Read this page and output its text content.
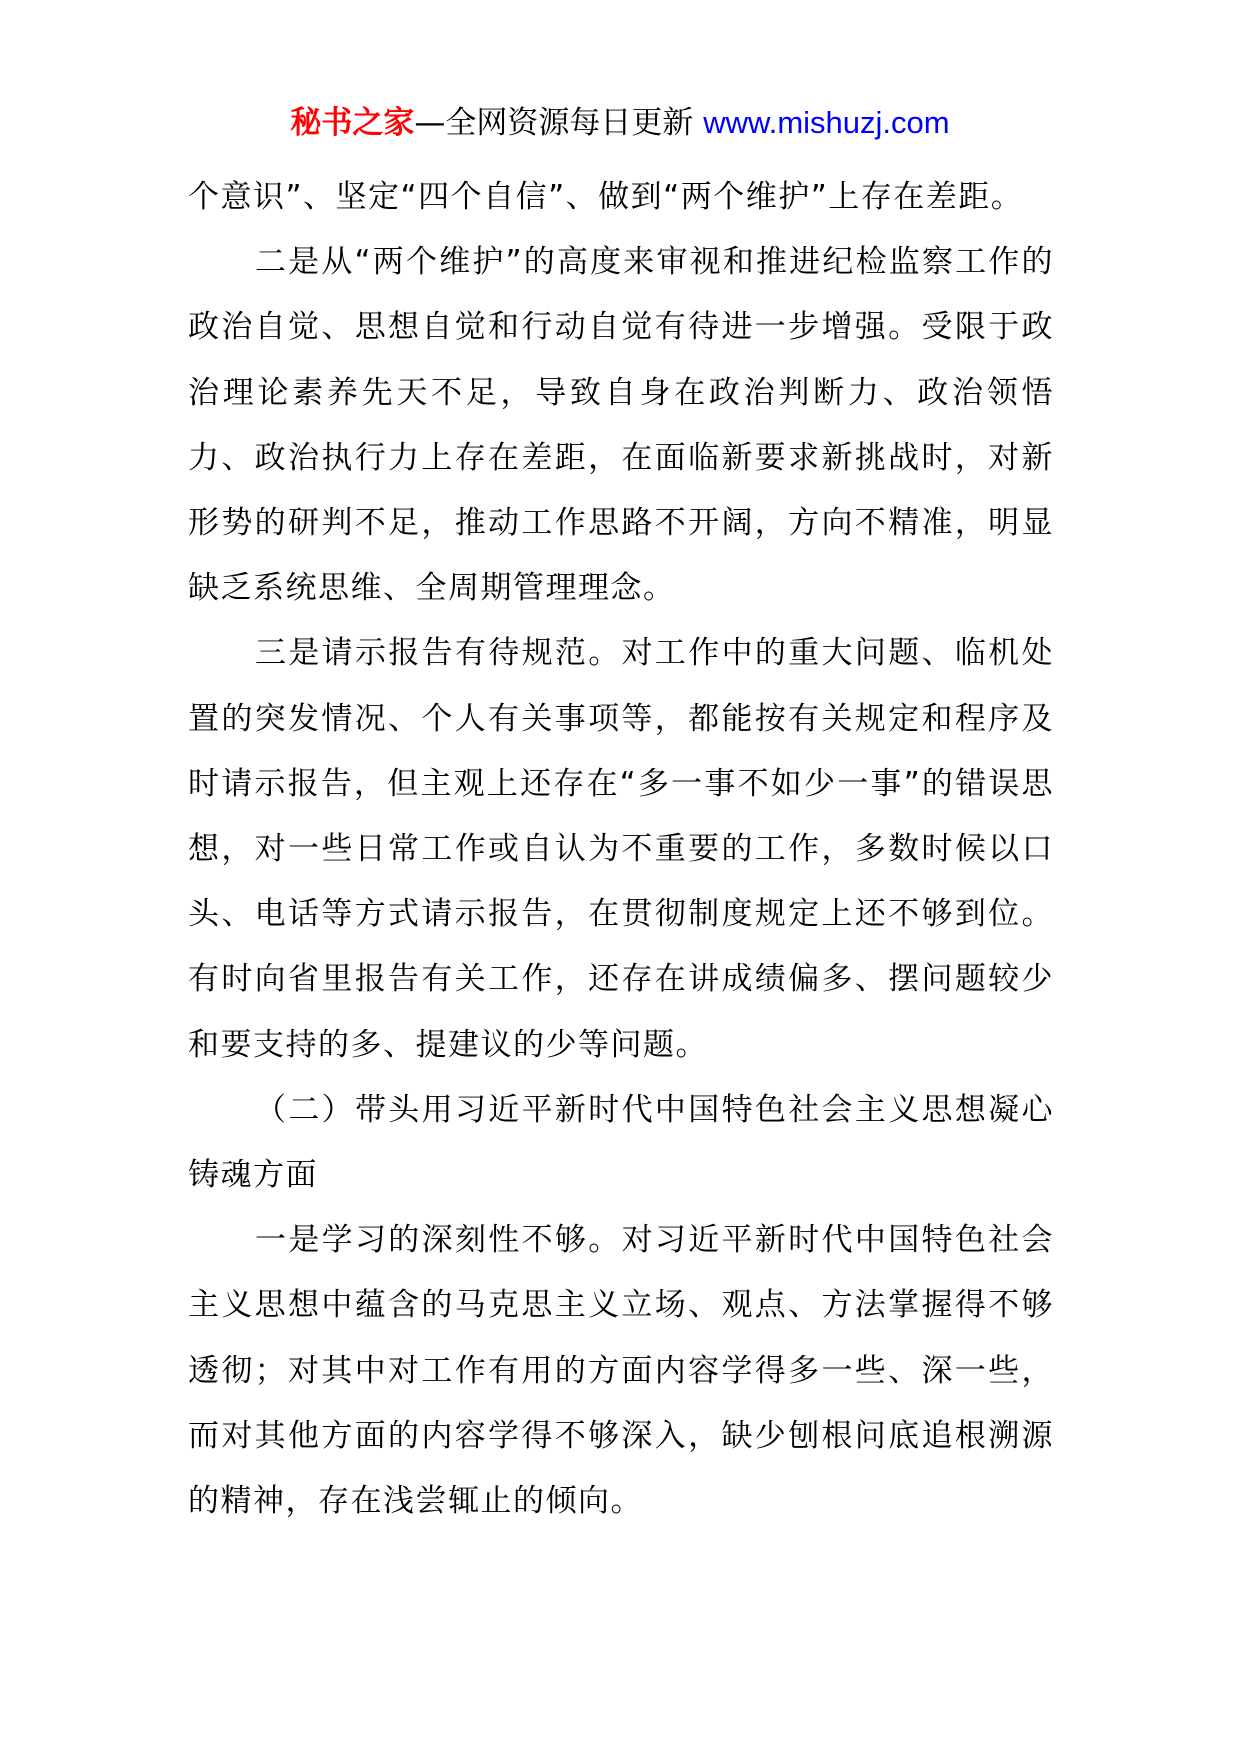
秘书之家—全网资源每日更新 www.mishuzj.com

个意识”、坚定“四个自信”、做到“两个维护”上存在差距。

二是从“两个维护”的高度来审视和推进纪检监察工作的政治自觉、思想自觉和行动自觉有待进一步增强。受限于政治理论素养先天不足，导致自身在政治判断力、政治领悟力、政治执行力上存在差距，在面临新要求新挑战时，对新形势的研判不足，推动工作思路不开阔，方向不精准，明显缺乏系统思维、全周期管理理念。

三是请示报告有待规范。对工作中的重大问题、临机处置的突发情况、个人有关事项等，都能按有关规定和程序及时请示报告，但主观上还存在“多一事不如少一事”的错误思想，对一些日常工作或自认为不重要的工作，多数时候以口头、电话等方式请示报告，在贯彻制度规定上还不够到位。有时向省里报告有关工作，还存在讲成绩偏多、摆问题较少和要支持的多、提建议的少等问题。

（二）带头用习近平新时代中国特色社会主义思想凝心铸魂方面

一是学习的深刻性不够。对习近平新时代中国特色社会主义思想中蕴含的马克思主义立场、观点、方法掌握得不够透彻；对其中对工作有用的方面内容学得多一些、深一些，而对其他方面的内容学得不够深入，缺少刨根问底追根溯源的精神，存在浅尝辄止的倾向。
